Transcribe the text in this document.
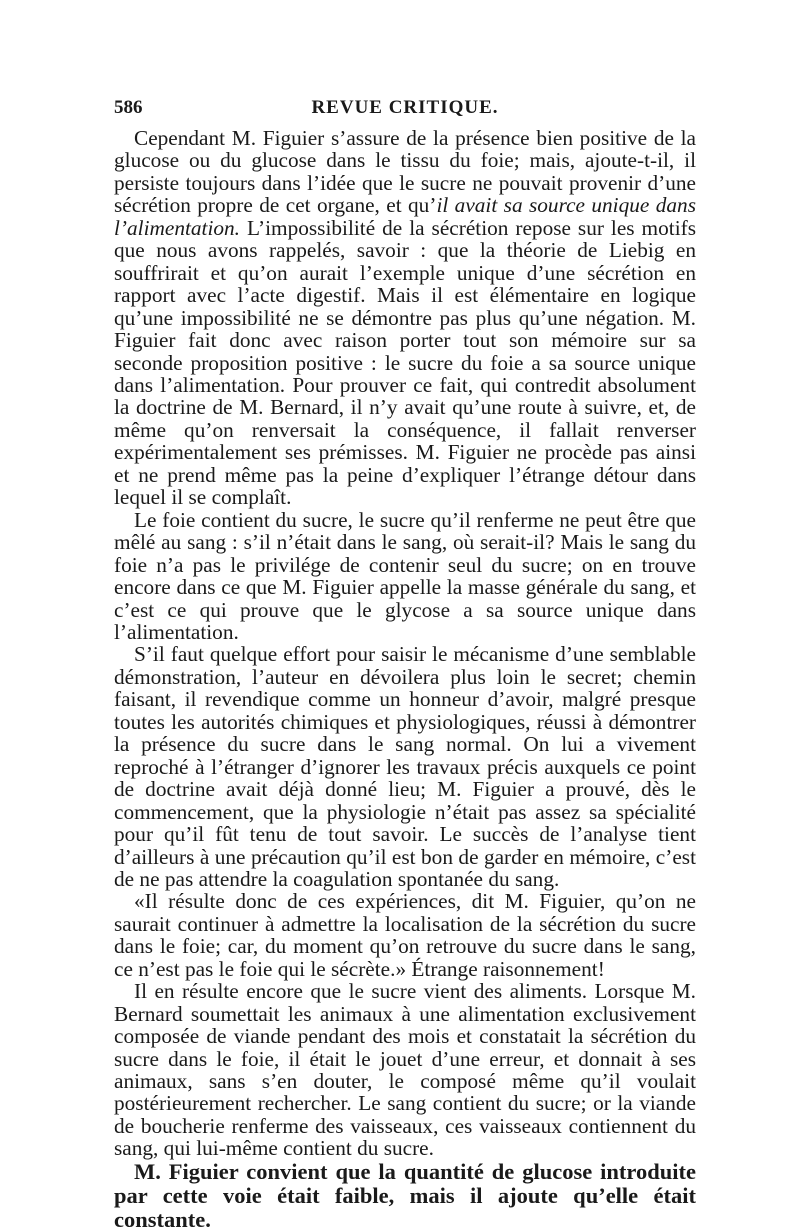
586	REVUE CRITIQUE.

Cependant M. Figuier s’assure de la présence bien positive de la glucose ou du glucose dans le tissu du foie; mais, ajoute-t-il, il persiste toujours dans l’idée que le sucre ne pouvait provenir d’une sécrétion propre de cet organe, et qu’il avait sa source unique dans l’alimentation. L’impossibilité de la sécrétion repose sur les motifs que nous avons rappelés, savoir : que la théorie de Liebig en souffrirait et qu’on aurait l’exemple unique d’une sécrétion en rapport avec l’acte digestif. Mais il est élémentaire en logique qu’une impossibilité ne se démontre pas plus qu’une négation. M. Figuier fait donc avec raison porter tout son mémoire sur sa seconde proposition positive : le sucre du foie a sa source unique dans l’alimentation. Pour prouver ce fait, qui contredit absolument la doctrine de M. Bernard, il n’y avait qu’une route à suivre, et, de même qu’on renversait la conséquence, il fallait renverser expérimentalement ses prémisses. M. Figuier ne procède pas ainsi et ne prend même pas la peine d’expliquer l’étrange détour dans lequel il se complaît.

Le foie contient du sucre, le sucre qu’il renferme ne peut être que mêlé au sang : s’il n’était dans le sang, où serait-il? Mais le sang du foie n’a pas le privilége de contenir seul du sucre; on en trouve encore dans ce que M. Figuier appelle la masse générale du sang, et c’est ce qui prouve que le glycose a sa source unique dans l’alimentation.

S’il faut quelque effort pour saisir le mécanisme d’une semblable démonstration, l’auteur en dévoilera plus loin le secret; chemin faisant, il revendique comme un honneur d’avoir, malgré presque toutes les autorités chimiques et physiologiques, réussi à démontrer la présence du sucre dans le sang normal. On lui a vivement reproché à l’étranger d’ignorer les travaux précis auxquels ce point de doctrine avait déjà donné lieu; M. Figuier a prouvé, dès le commencement, que la physiologie n’était pas assez sa spécialité pour qu’il fût tenu de tout savoir. Le succès de l’analyse tient d’ailleurs à une précaution qu’il est bon de garder en mémoire, c’est de ne pas attendre la coagulation spontanée du sang.

«Il résulte donc de ces expériences, dit M. Figuier, qu’on ne saurait continuer à admettre la localisation de la sécrétion du sucre dans le foie; car, du moment qu’on retrouve du sucre dans le sang, ce n’est pas le foie qui le sécrète.» Étrange raisonnement!

Il en résulte encore que le sucre vient des aliments. Lorsque M. Bernard soumettait les animaux à une alimentation exclusivement composée de viande pendant des mois et constatait la sécrétion du sucre dans le foie, il était le jouet d’une erreur, et donnait à ses animaux, sans s’en douter, le composé même qu’il voulait postérieurement rechercher. Le sang contient du sucre; or la viande de boucherie renferme des vaisseaux, ces vaisseaux contiennent du sang, qui lui-même contient du sucre.

M. Figuier convient que la quantité de glucose introduite par cette voie était faible, mais il ajoute qu’elle était constante.
